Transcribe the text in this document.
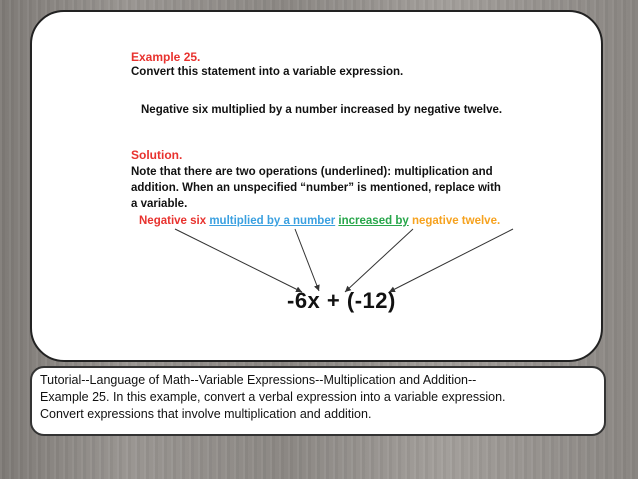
Example 25.
Convert this statement into a variable expression.
Negative six multiplied by a number increased by negative twelve.
Solution.
Note that there are two operations (underlined): multiplication and addition. When an unspecified “number” is mentioned, replace with a variable.
Negative six multiplied by a number increased by negative twelve.
-6x + (-12)
Tutorial--Language of Math--Variable Expressions--Multiplication and Addition--
Example 25. In this example, convert a verbal expression into a variable expression.
Convert expressions that involve multiplication and addition.
